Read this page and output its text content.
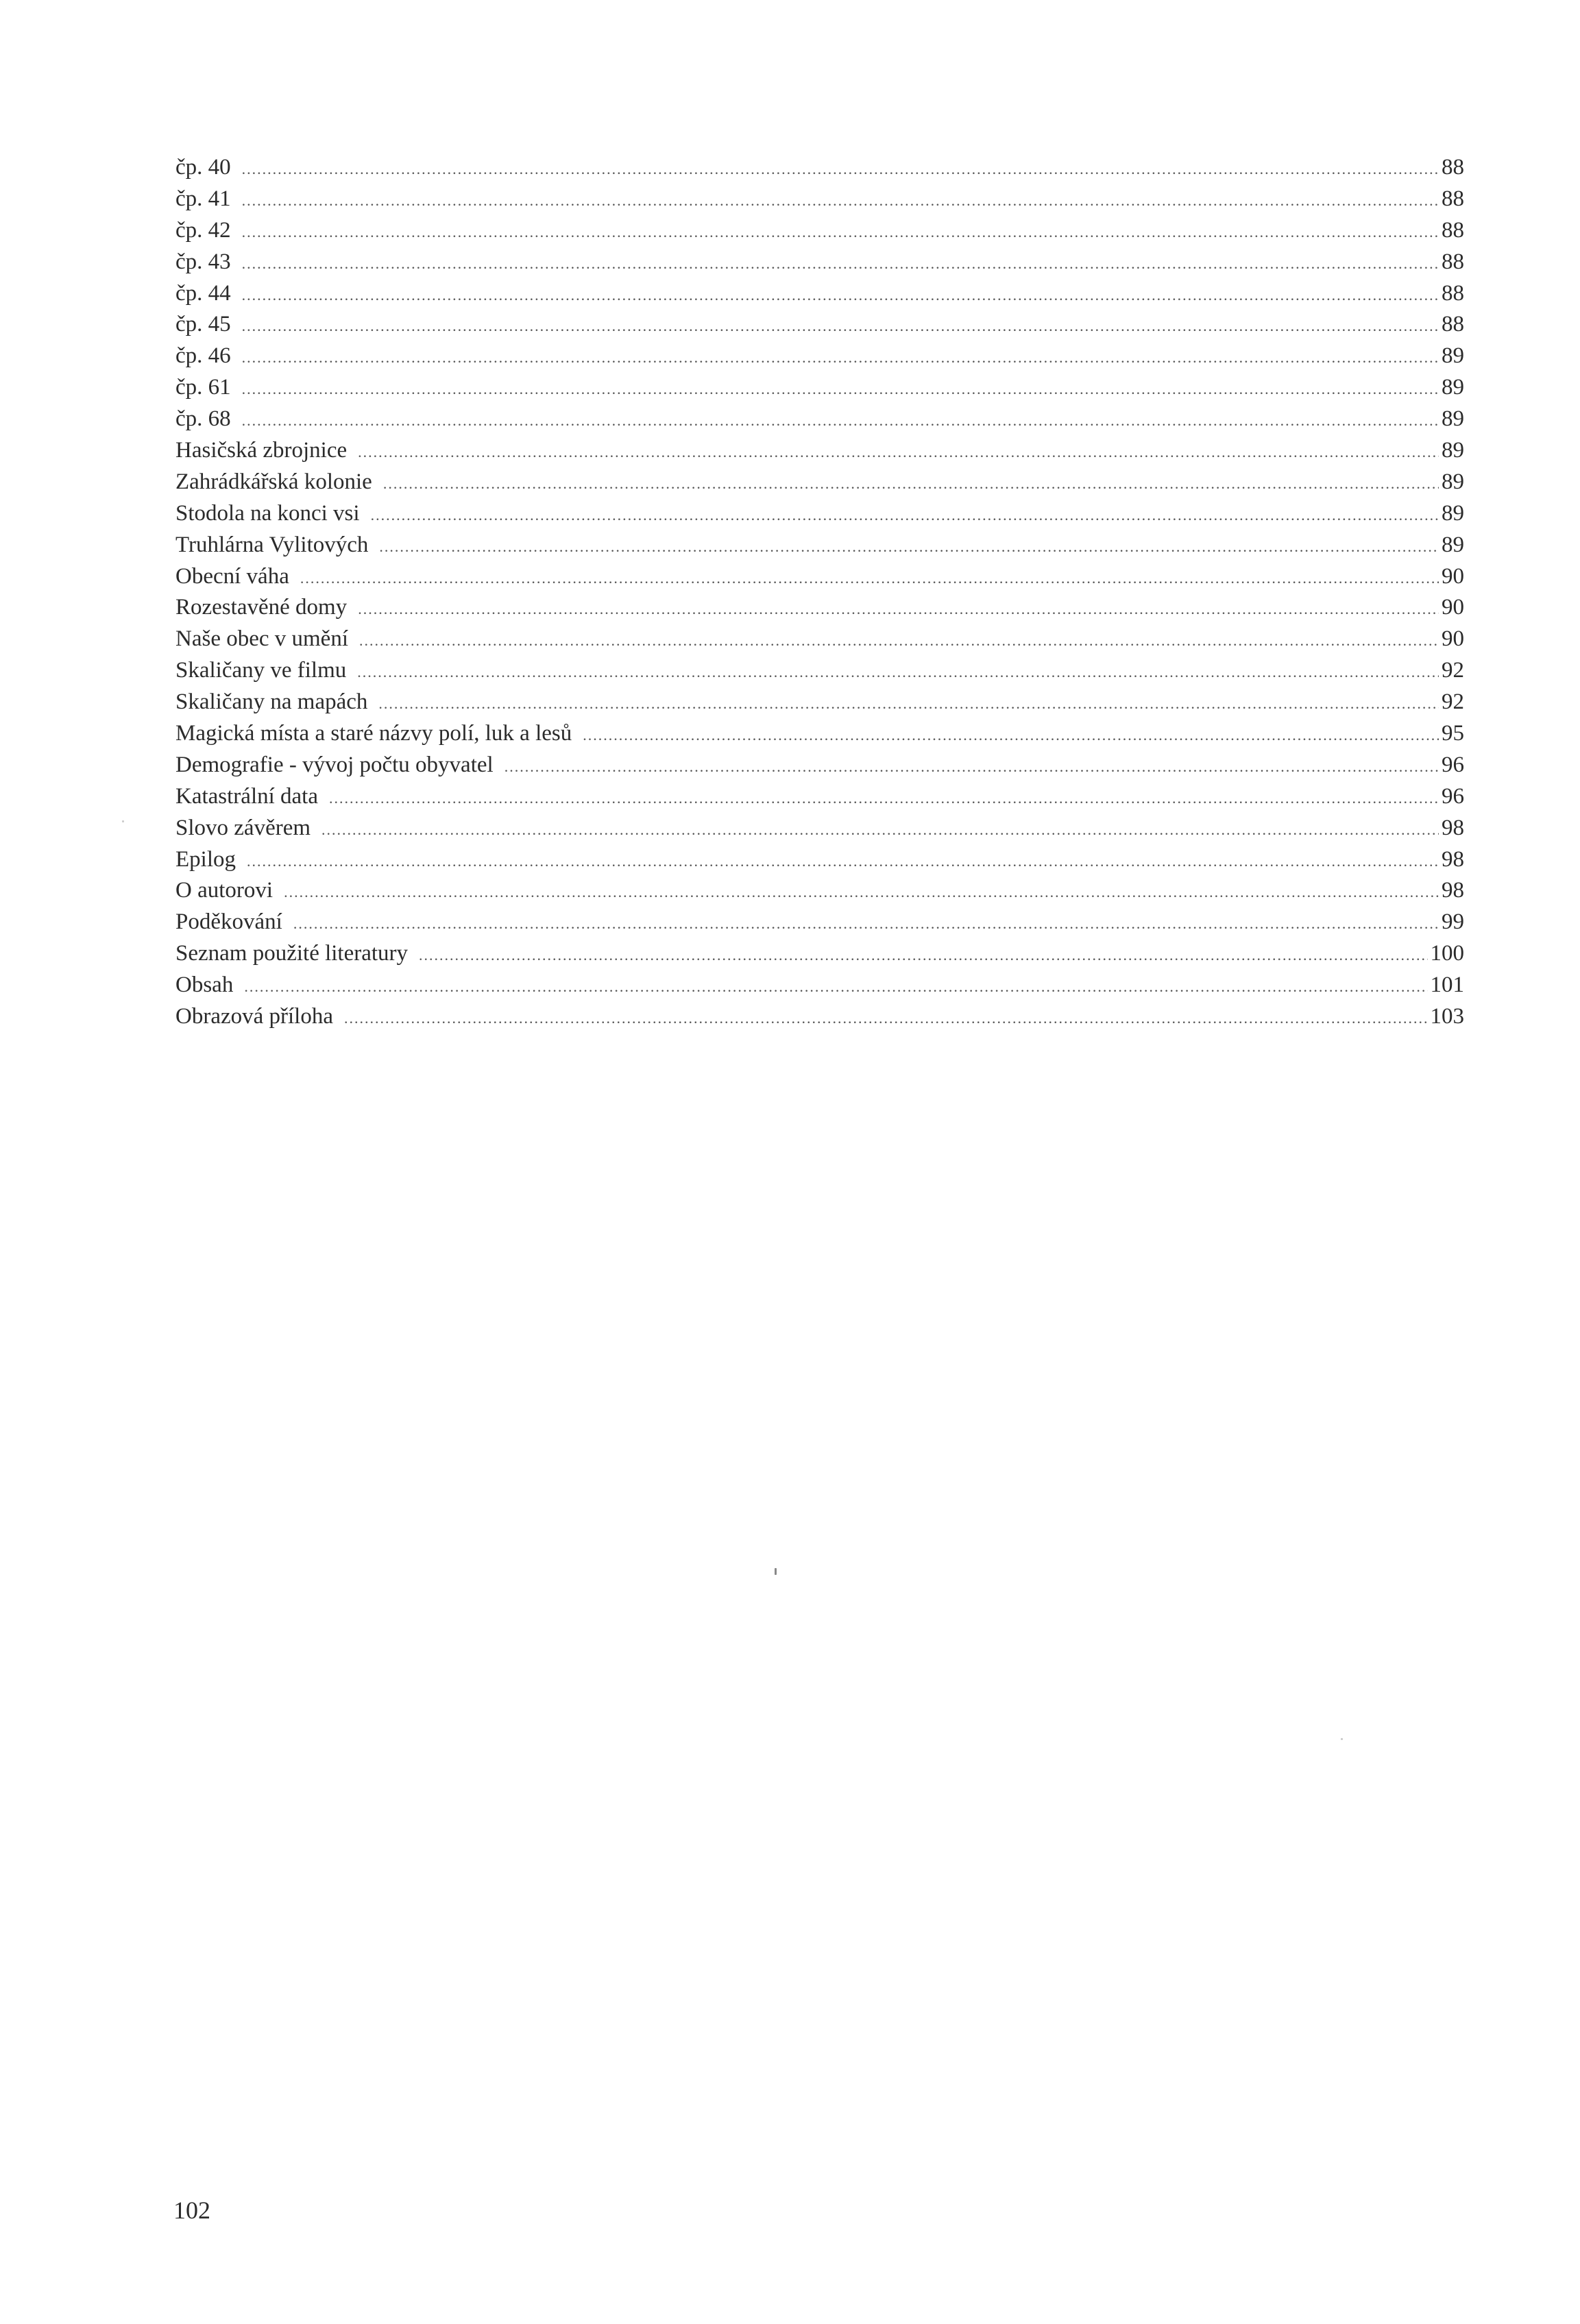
čp. 40 .....	88
čp. 41 .....	88
čp. 42 .....	88
čp. 43 .....	88
čp. 44 .....	88
čp. 45 .....	88
čp. 46 .....	89
čp. 61 .....	89
čp. 68 .....	89
Hasičská zbrojnice .....	89
Zahrádkářská kolonie .....	89
Stodola na konci vsi .....	89
Truhlárna Vylitových .....	89
Obecní váha .....	90
Rozestavěné domy .....	90
Naše obec v umění .....	90
Skaličany ve filmu .....	92
Skaličany na mapách .....	92
Magická místa a staré názvy polí, luk a lesů .....	95
Demografie - vývoj počtu obyvatel .....	96
Katastrální data .....	96
Slovo závěrem .....	98
Epilog .....	98
O autorovi .....	98
Poděkování .....	99
Seznam použité literatury .....	100
Obsah .....	101
Obrazová příloha .....	103
102
